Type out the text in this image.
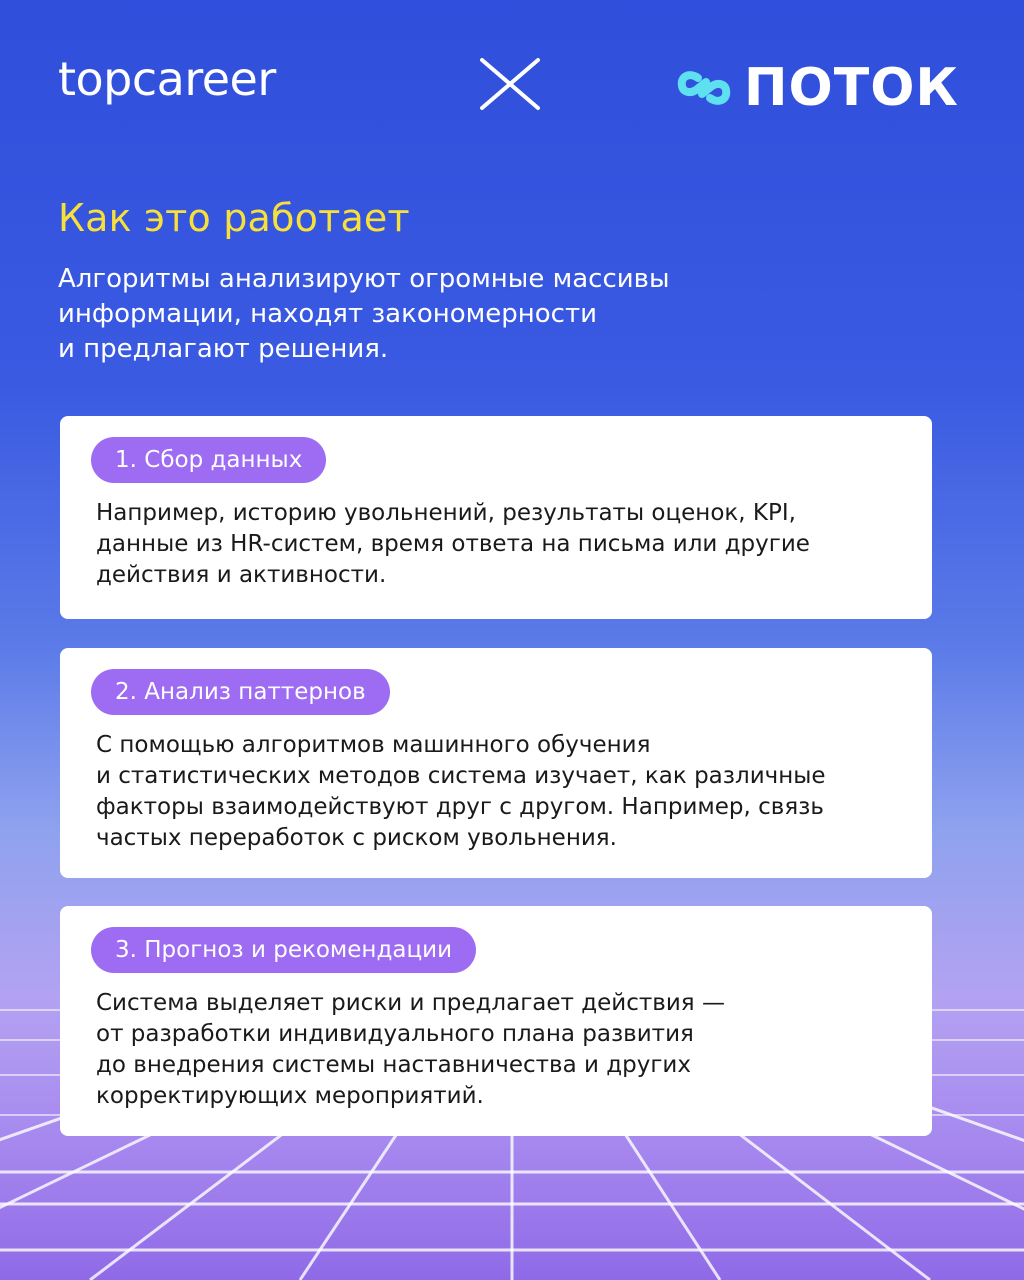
topcareer	ПОТОК
Как это работает

Алгоритмы анализируют огромные массивы
информации, находят закономерности
и предлагают решения.

1. Сбор данных

Например, историю увольнений, результаты оценок, KPI,
данные из HR-систем, время ответа на письма или другие
действия и активности.

2. Анализ паттернов

С помощью алгоритмов машинного обучения
и статистических методов система изучает, как различные
факторы взаимодействуют друг с другом. Например, связь
частых переработок с риском увольнения.

3. Прогноз и рекомендации

Система выделяет риски и предлагает действия —
от разработки индивидуального плана развития
до внедрения системы наставничества и других
корректирующих мероприятий.
